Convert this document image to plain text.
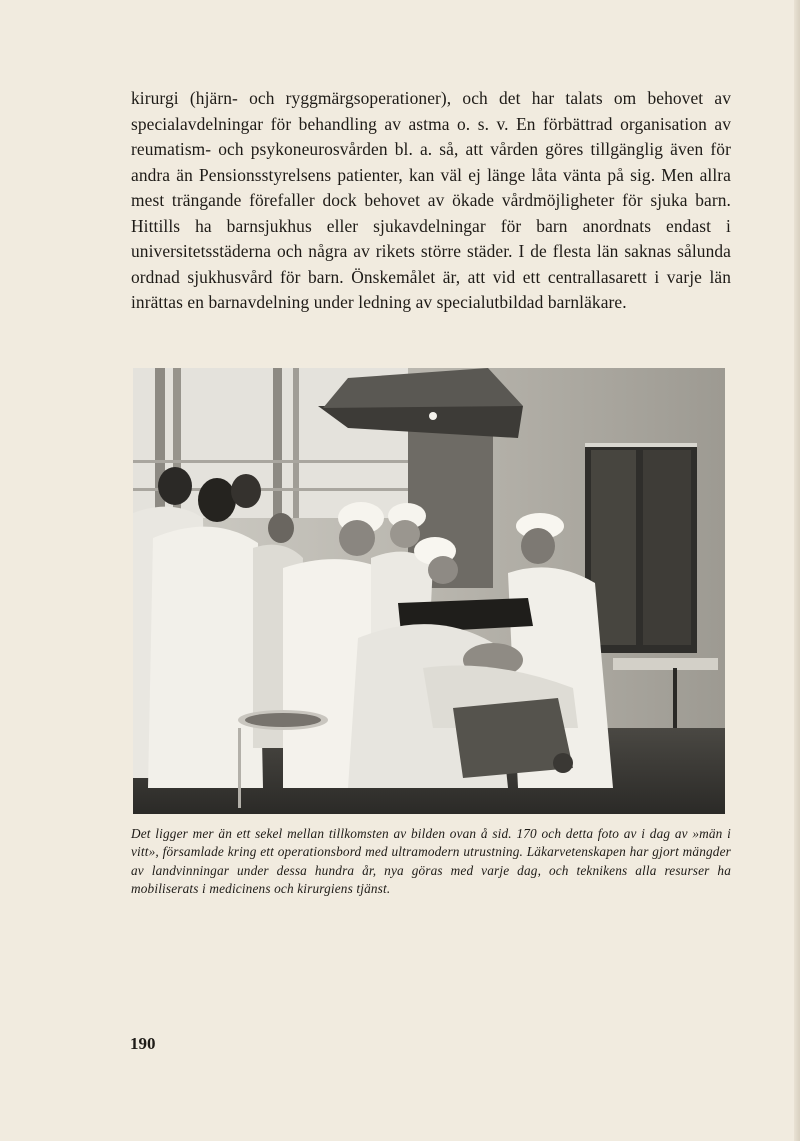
kirurgi (hjärn- och ryggmärgsoperationer), och det har talats om behovet av specialavdelningar för behandling av astma o. s. v. En förbättrad organisation av reumatism- och psykoneurosvården bl. a. så, att vården göres tillgänglig även för andra än Pensionsstyrelsens patienter, kan väl ej länge låta vänta på sig. Men allra mest trängande förefaller dock behovet av ökade vårdmöjligheter för sjuka barn. Hittills ha barnsjukhus eller sjukavdelningar för barn anordnats endast i universitetsstäderna och några av rikets större städer. I de flesta län saknas sålunda ordnad sjukhusvård för barn. Önskemålet är, att vid ett centrallasarett i varje län inrättas en barnavdelning under ledning av specialutbildad barnläkare.

Det ligger mer än ett sekel mellan tillkomsten av bilden ovan å sid. 170 och detta foto av i dag av »män i vitt», församlade kring ett operationsbord med ultramodern utrustning. Läkarvetenskapen har gjort mängder av landvinningar under dessa hundra år, nya göras med varje dag, och teknikens alla resurser ha mobiliserats i medicinens och kirurgiens tjänst.

190
